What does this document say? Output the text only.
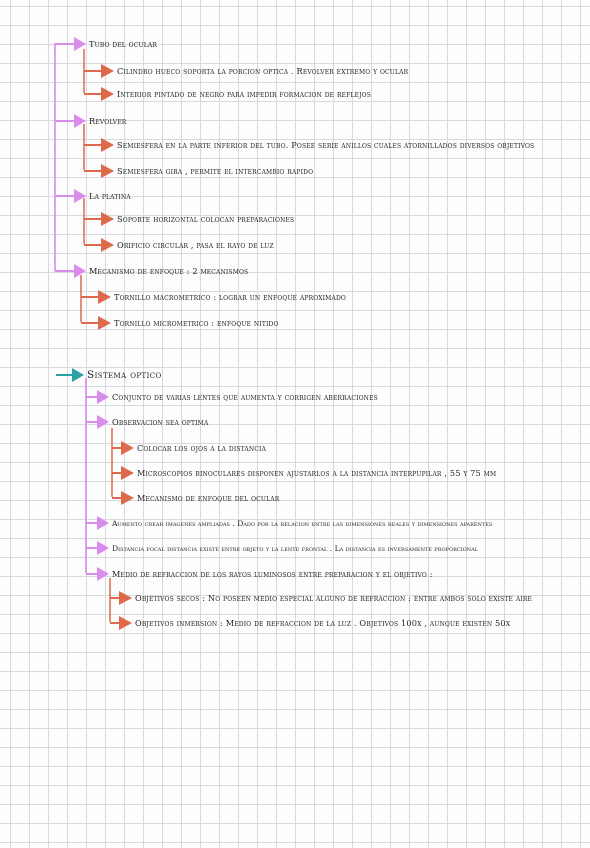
Tubo del ocular
Cilindro hueco soporta la porcion optica . Revolver extremo y ocular
Interior pintado de negro para impedir formacion de reflejos
Revolver
Semiesfera en la parte inferior del tubo. Posee serie anillos cuales atornillados diversos objetivos
Semiesfera gira , permite el intercambio rapido
La platina
Soporte horizontal colocan preparaciones
Orificio circular , pasa el rayo de luz
Mecanismo de enfoque : 2 mecanismos
Tornillo macrometrico : lograr un enfoque aproximado
Tornillo micrometrico : enfoque nitido
Sistema optico
Conjunto de varias lentes que aumenta y corrigen aberraciones
Observacion sea optima
Colocar los ojos a la distancia
Microscopios binoculares disponen ajustarlos a la distancia interpupilar , 55 y 75 mm
Mecanismo de enfoque del ocular
Aumento crear imagenes ampliadas . Dado por la relacion entre las dimensiones reales y dimensiones aparentes
Distancia focal distancia existe entre objeto y la lente frontal . La distancia es inversamente proporcional
Medio de refraccion de los rayos luminosos entre preparacion y el objetivo :
Objetivos secos : No poseen medio especial alguno de refraccion : entre ambos solo existe aire
Objetivos inmersion : Medio de refraccion de la luz . Objetivos 100x , aunque existen 50x
